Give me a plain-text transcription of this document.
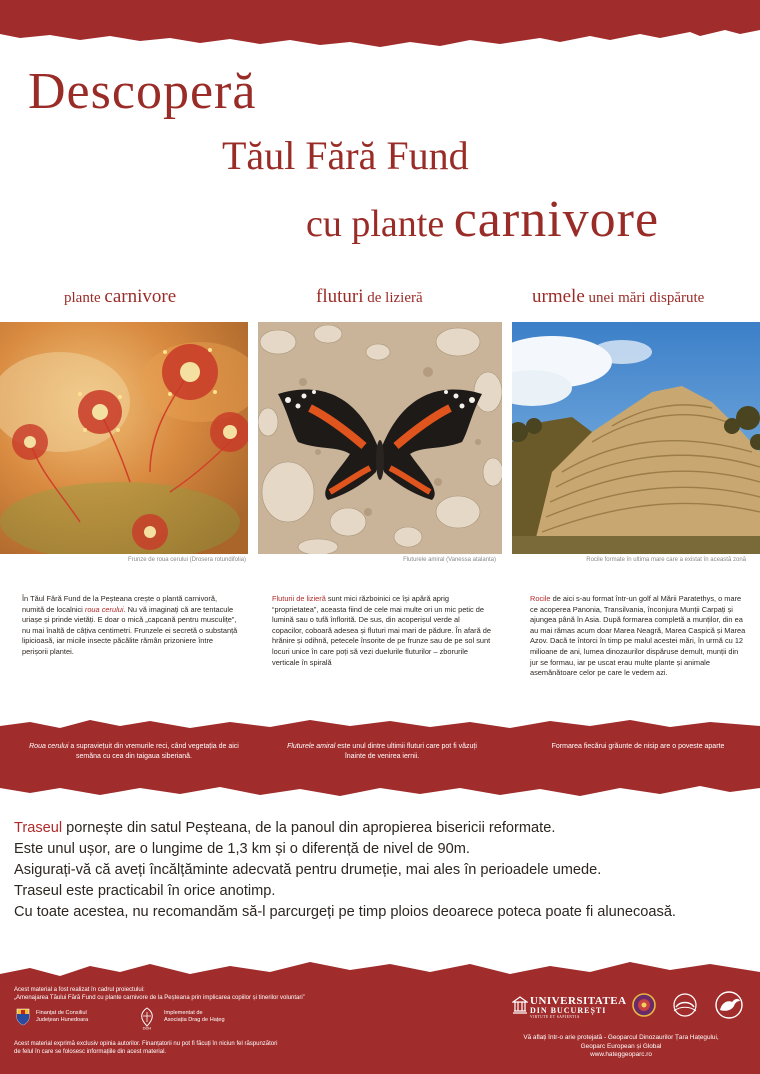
Descoperă
Tăul Fără Fund
cu plante carnivore
plante carnivore	fluturi de lizieră	urmele unei mări dispărute
Frunze de roua cerului (Drosera rotundifolia)	Fluturele amiral (Vanessa atalanta)	Rocile formate în ultima mare care a existat în această zonă
În Tăul Fără Fund de la Peșteana crește o plantă carnivoră, numită de localnici roua cerului. Nu vă imaginați că are tentacule uriașe și prinde vietăți. E doar o mică „capcană pentru musculițe”, nu mai înaltă de câțiva centimetri. Frunzele ei secretă o substanță lipicioasă, iar micile insecte păcălite rămân prizoniere între perișorii plantei.
Fluturii de lizieră sunt mici războinici ce își apără aprig “proprietatea”, aceasta fiind de cele mai multe ori un mic petic de lumină sau o tufă înflorită. De sus, din acoperișul verde al copacilor, coboară adesea și fluturi mai mari de pădure. În afară de hrănire și odihnă, petecele însorite de pe frunze sau de pe sol sunt locuri unice în care poți să vezi duelurile fluturilor – zborurile verticale în spirală
Rocile de aici s-au format într-un golf al Mării Paratethys, o mare ce acoperea Panonia, Transilvania, înconjura Munții Carpați și ajungea până în Asia. După formarea completă a munților, din ea au mai rămas acum doar Marea Neagră, Marea Caspică și Marea Azov. Dacă te întorci în timp pe malul acestei mări, în urmă cu 12 milioane de ani, lumea dinozaurilor dispăruse demult, munții din jur se formau, iar pe uscat erau multe plante și animale asemănătoare celor pe care le vedem azi.
Roua cerului a supraviețuit din vremurile reci, când vegetația de aici semăna cu cea din taigaua siberiană.
Fluturele amiral este unul dintre ultimii fluturi care pot fi văzuți înainte de venirea iernii.
Formarea fiecărui grăunte de nisip are o poveste aparte
Traseul pornește din satul Peșteana, de la panoul din apropierea bisericii reformate.
Este unul ușor, are o lungime de 1,3 km și o diferență de nivel de 90m.
Asigurați-vă că aveți încălțăminte adecvată pentru drumeție, mai ales în perioadele umede.
Traseul este practicabil în orice anotimp.
Cu toate acestea, nu recomandăm să-l parcurgeți pe timp ploios deoarece poteca poate fi alunecoasă.
Acest material a fost realizat în cadrul proiectului:
„Amenajarea Tăului Fără Fund cu plante carnivore de la Peșteana prin implicarea copiilor și tinerilor voluntari”
Finanțat de Consiliul
Județean Hunedoara
DDH
Implementat de
Asociația Drag de Hațeg
Acest material exprimă exclusiv opinia autorilor. Finanțatorii nu pot fi făcuți în niciun fel răspunzători
de felul în care se folosesc informațiile din acest material.
UNIVERSITATEA
DIN BUCUREȘTI
VIRTUTE ET SAPIENTIA
Vă aflați într-o arie protejată - Geoparcul Dinozaurilor Țara Hațegului,
Geoparc European și Global
www.hateggeoparc.ro
